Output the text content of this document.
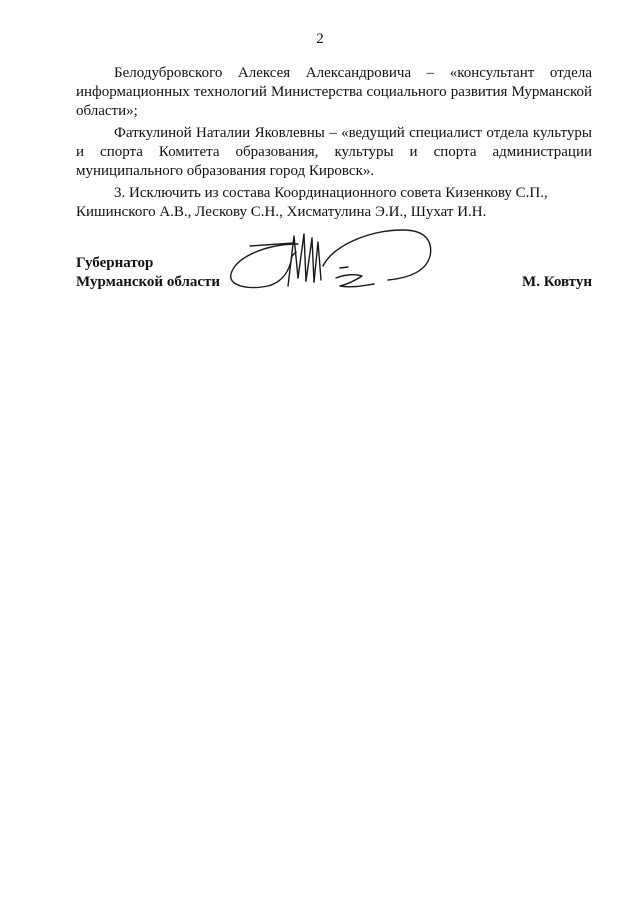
2

Белодубровского Алексея Александровича – «консультант отдела информационных технологий Министерства социального развития Мурманской области»;

Фаткулиной Наталии Яковлевны – «ведущий специалист отдела культуры и спорта Комитета образования, культуры и спорта администрации муниципального образования город Кировск».

3. Исключить из состава Координационного совета Кизенкову С.П., Кишинского А.В., Лескову С.Н., Хисматулина Э.И., Шухат И.Н.

Губернатор
Мурманской области	М. Ковтун
